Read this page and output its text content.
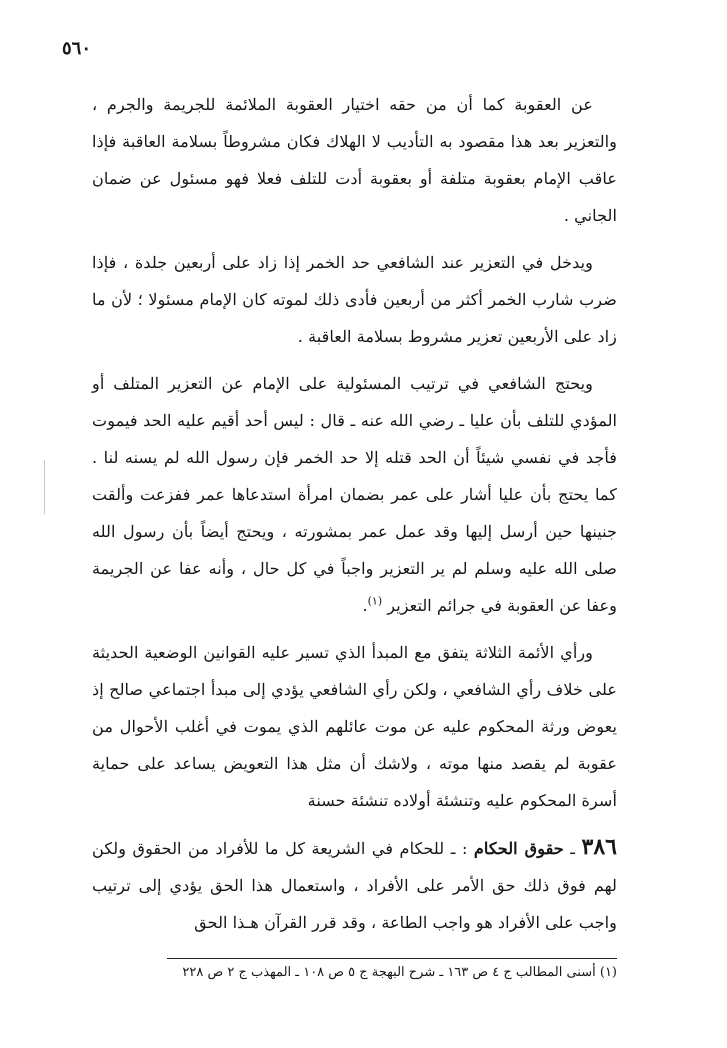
٥٦٠

عن العقوبة كما أن من حقه اختيار العقوبة الملائمة للجريمة والجرم ، والتعزير بعد هذا مقصود به التأديب لا الهلاك فكان مشروطاً بسلامة العاقبة فإذا عاقب الإمام بعقوبة متلفة أو بعقوبة أدت للتلف فعلا فهو مسئول عن ضمان الجاني .

ويدخل في التعزير عند الشافعي حد الخمر إذا زاد على أربعين جلدة ، فإذا ضرب شارب الخمر أكثر من أربعين فأدى ذلك لموته كان الإمام مسئولا ؛ لأن ما زاد على الأربعين تعزير مشروط بسلامة العاقبة .

ويحتج الشافعي في ترتيب المسئولية على الإمام عن التعزير المتلف أو المؤدي للتلف بأن عليا ـ رضي الله عنه ـ قال : ليس أحد أقيم عليه الحد فيموت فأجد في نفسي شيئاً أن الحد قتله إلا حد الخمر فإن رسول الله لم يسنه لنا . كما يحتج بأن عليا أشار على عمر بضمان امرأة استدعاها عمر ففزعت وألقت جنينها حين أرسل إليها وقد عمل عمر بمشورته ، ويحتج أيضاً بأن رسول الله صلى الله عليه وسلم لم ير التعزير واجباً في كل حال ، وأنه عفا عن الجريمة وعفا عن العقوبة في جرائم التعزير $^{(١)}$.

ورأي الأئمة الثلاثة يتفق مع المبدأ الذي تسير عليه القوانين الوضعية الحديثة على خلاف رأي الشافعي ، ولكن رأي الشافعي يؤدي إلى مبدأ اجتماعي صالح إذ يعوض ورثة المحكوم عليه عن موت عائلهم الذي يموت في أغلب الأحوال من عقوبة لم يقصد منها موته ، ولاشك أن مثل هذا التعويض يساعد على حماية أسرة المحكوم عليه وتنشئة أولاده تنشئة حسنة

٣٨٦ ـ حقوق الحكام : ـ للحكام في الشريعة كل ما للأفراد من الحقوق ولكن لهم فوق ذلك حق الأمر على الأفراد ، واستعمال هذا الحق يؤدي إلى ترتيب واجب على الأفراد هو واجب الطاعة ، وقد قرر القرآن هـذا الحق

(١) أسنى المطالب ج ٤ ص ١٦٣ ـ شرح البهجة ج ٥ ص ١٠٨ ـ المهذب ج ٢ ص ٢٢٨
